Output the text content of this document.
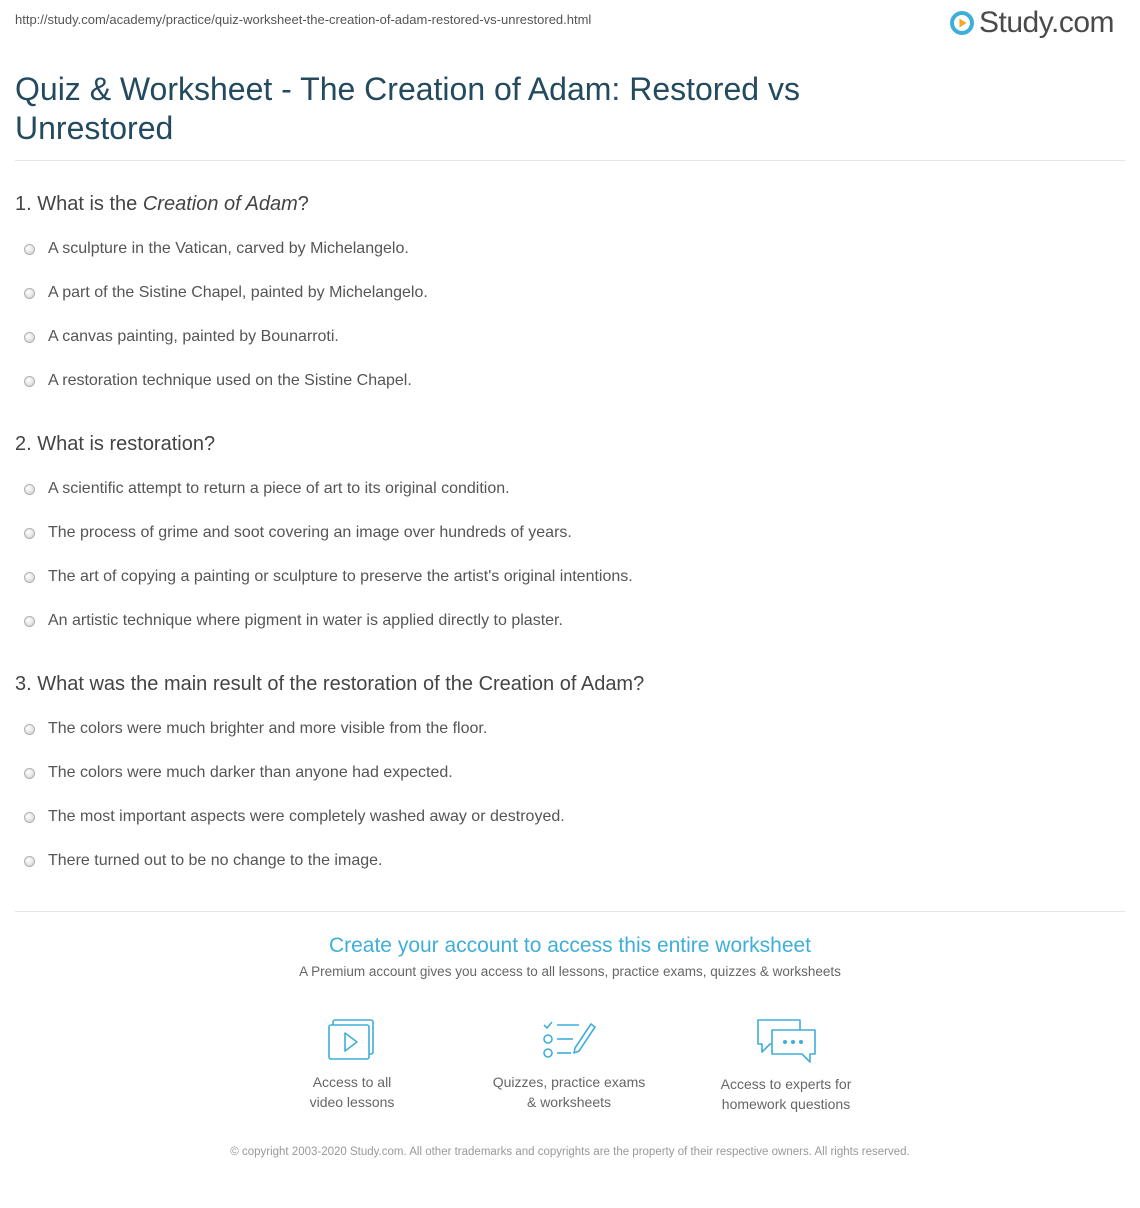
http://study.com/academy/practice/quiz-worksheet-the-creation-of-adam-restored-vs-unrestored.html	Study.com
Quiz & Worksheet - The Creation of Adam: Restored vs Unrestored
1. What is the Creation of Adam?
A sculpture in the Vatican, carved by Michelangelo.
A part of the Sistine Chapel, painted by Michelangelo.
A canvas painting, painted by Bounarroti.
A restoration technique used on the Sistine Chapel.
2. What is restoration?
A scientific attempt to return a piece of art to its original condition.
The process of grime and soot covering an image over hundreds of years.
The art of copying a painting or sculpture to preserve the artist's original intentions.
An artistic technique where pigment in water is applied directly to plaster.
3. What was the main result of the restoration of the Creation of Adam?
The colors were much brighter and more visible from the floor.
The colors were much darker than anyone had expected.
The most important aspects were completely washed away or destroyed.
There turned out to be no change to the image.
Create your account to access this entire worksheet
A Premium account gives you access to all lessons, practice exams, quizzes & worksheets
Access to all
video lessons
Quizzes, practice exams
& worksheets
Access to experts for
homework questions
© copyright 2003-2020 Study.com. All other trademarks and copyrights are the property of their respective owners. All rights reserved.
